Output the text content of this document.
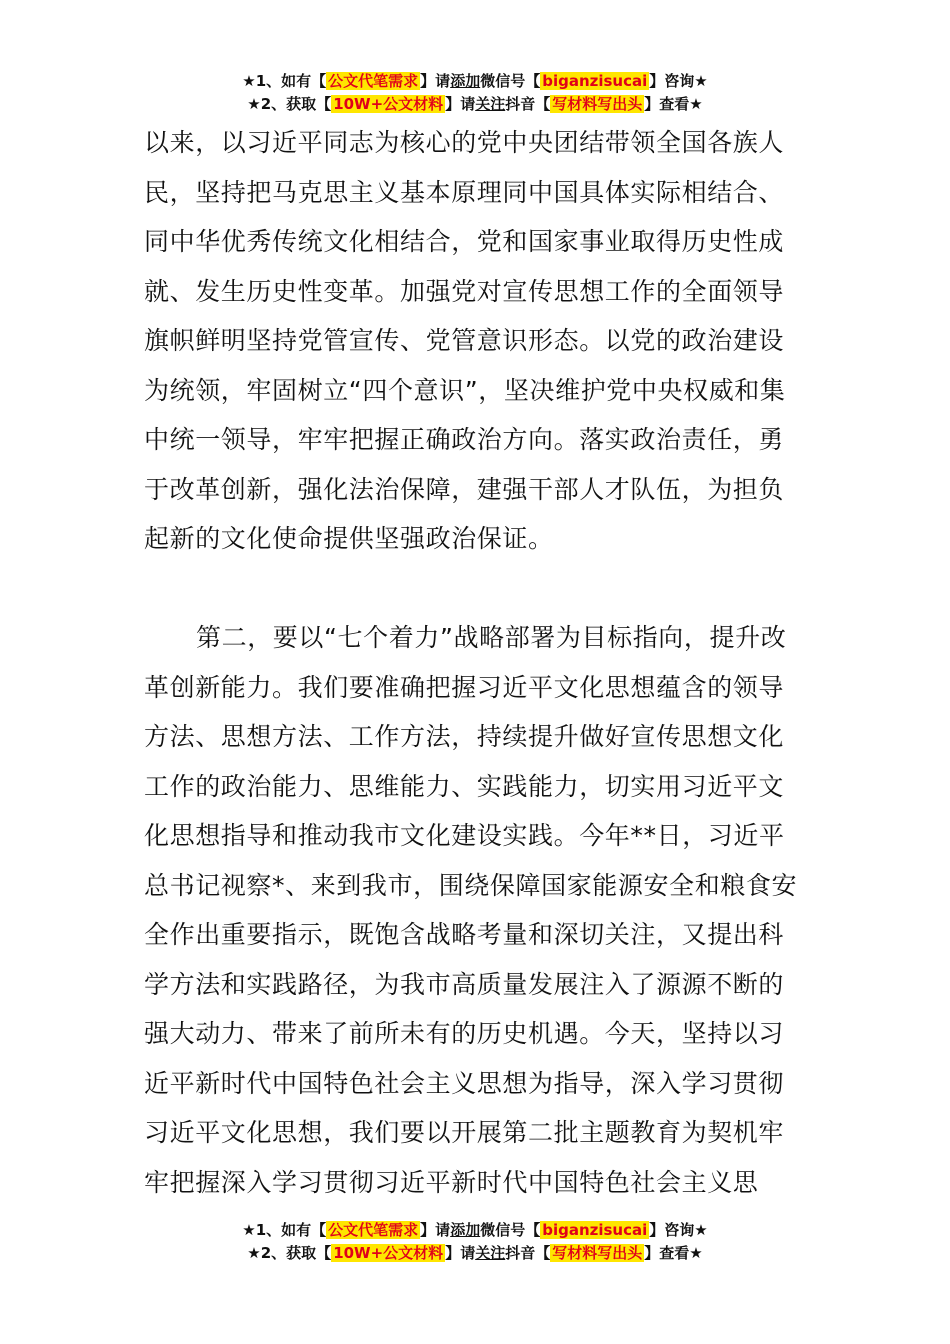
★1、如有【 公文代笔需求 】请添加微信号【 biganzisucai 】咨询★
★2、获取【 10W+公文材料 】请关注抖音【 写材料写出头 】查看★

以来，以习近平同志为核心的党中央团结带领全国各族人民，坚持把马克思主义基本原理同中国具体实际相结合、同中华优秀传统文化相结合，党和国家事业取得历史性成就、发生历史性变革。加强党对宣传思想工作的全面领导旗帜鲜明坚持党管宣传、党管意识形态。以党的政治建设为统领，牢固树立“四个意识”，坚决维护党中央权威和集中统一领导，牢牢把握正确政治方向。落实政治责任，勇于改革创新，强化法治保障，建强干部人才队伍，为担负起新的文化使命提供坚强政治保证。

第二，要以“七个着力”战略部署为目标指向，提升改革创新能力。我们要准确把握习近平文化思想蕴含的领导方法、思想方法、工作方法，持续提升做好宣传思想文化工作的政治能力、思维能力、实践能力，切实用习近平文化思想指导和推动我市文化建设实践。今年**日，习近平总书记视察*、来到我市，围绕保障国家能源安全和粮食安全作出重要指示，既饱含战略考量和深切关注，又提出科学方法和实践路径，为我市高质量发展注入了源源不断的强大动力、带来了前所未有的历史机遇。今天，坚持以习近平新时代中国特色社会主义思想为指导，深入学习贯彻习近平文化思想，我们要以开展第二批主题教育为契机牢牢把握深入学习贯彻习近平新时代中国特色社会主义思

★1、如有【 公文代笔需求 】请添加微信号【 biganzisucai 】咨询★
★2、获取【 10W+公文材料 】请关注抖音【 写材料写出头 】查看★
